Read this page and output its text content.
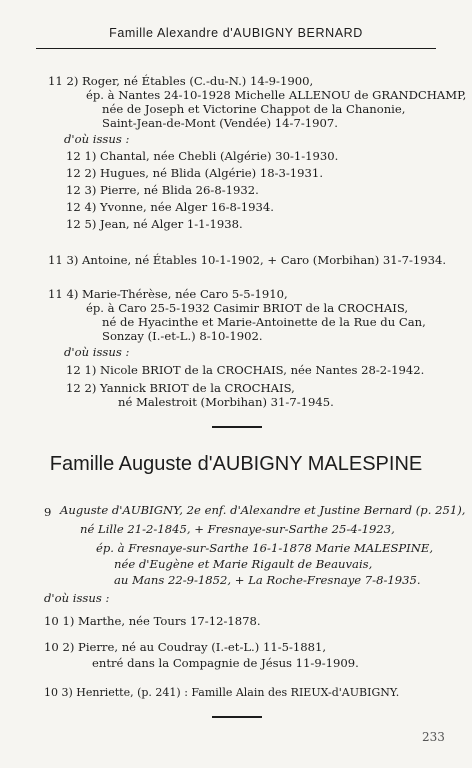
Famille Alexandre d'AUBIGNY BERNARD
11 2) Roger, né Étables (C.-du-N.) 14-9-1900,
ép. à Nantes 24-10-1928 Michelle ALLENOU de GRANDCHAMP,
née de Joseph et Victorine Chappot de la Chanonie,
Saint-Jean-de-Mont (Vendée) 14-7-1907.
d'où issus :
12 1) Chantal, née Chebli (Algérie) 30-1-1930.
12 2) Hugues, né Blida (Algérie) 18-3-1931.
12 3) Pierre, né Blida 26-8-1932.
12 4) Yvonne, née Alger 16-8-1934.
12 5) Jean, né Alger 1-1-1938.
11 3) Antoine, né Étables 10-1-1902, + Caro (Morbihan) 31-7-1934.
11 4) Marie-Thérèse, née Caro 5-5-1910,
ép. à Caro 25-5-1932 Casimir BRIOT de la CROCHAIS,
né de Hyacinthe et Marie-Antoinette de la Rue du Can,
Sonzay (I.-et-L.) 8-10-1902.
d'où issus :
12 1) Nicole BRIOT de la CROCHAIS, née Nantes 28-2-1942.
12 2) Yannick BRIOT de la CROCHAIS,
né Malestroit (Morbihan) 31-7-1945.
Famille Auguste d'AUBIGNY MALESPINE
9 Auguste d'AUBIGNY, 2e enf. d'Alexandre et Justine Bernard (p. 251),
né Lille 21-2-1845, + Fresnaye-sur-Sarthe 25-4-1923,
ép. à Fresnaye-sur-Sarthe 16-1-1878 Marie MALESPINE,
née d'Eugène et Marie Rigault de Beauvais,
au Mans 22-9-1852, + La Roche-Fresnaye 7-8-1935.
d'où issus :
10 1) Marthe, née Tours 17-12-1878.
10 2) Pierre, né au Coudray (I.-et-L.) 11-5-1881,
entré dans la Compagnie de Jésus 11-9-1909.
10 3) Henriette, (p. 241) : Famille Alain des RIEUX-d'AUBIGNY.
233
